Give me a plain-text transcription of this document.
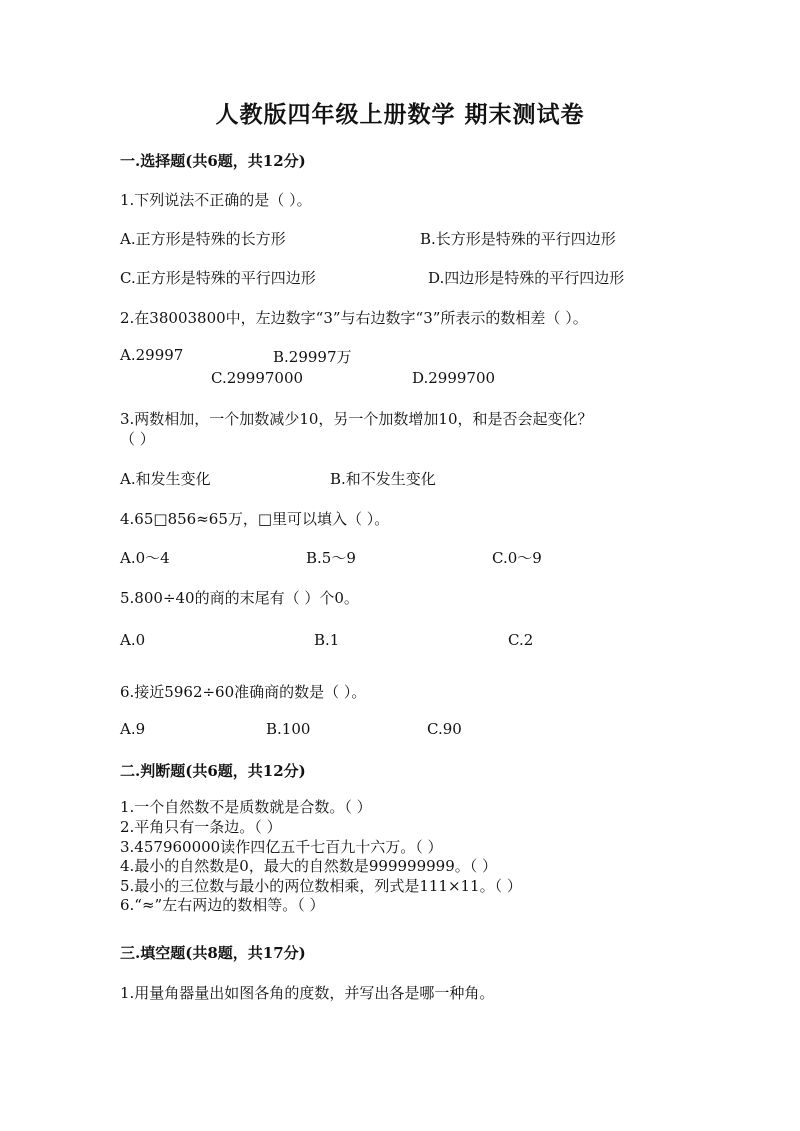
人教版四年级上册数学 期末测试卷
一.选择题(共6题，共12分)
1.下列说法不正确的是（ ）。
A.正方形是特殊的长方形	B.长方形是特殊的平行四边形
C.正方形是特殊的平行四边形	D.四边形是特殊的平行四边形
2.在38003800中，左边数字“3”与右边数字“3”所表示的数相差（ ）。
A.29997	B.29997万
C.29997000	D.2999700
3.两数相加，一个加数减少10，另一个加数增加10，和是否会起变化？
（ ）
A.和发生变化	B.和不发生变化
4.65□856≈65万，□里可以填入（ ）。
A.0～4	B.5～9	C.0～9
5.800÷40的商的末尾有（ ）个0。
A.0	B.1	C.2
6.接近5962÷60准确商的数是（ ）。
A.9	B.100	C.90
二.判断题(共6题，共12分)
1.一个自然数不是质数就是合数。（ ）
2.平角只有一条边。（ ）
3.457960000读作四亿五千七百九十六万。（ ）
4.最小的自然数是0，最大的自然数是999999999。（ ）
5.最小的三位数与最小的两位数相乘，列式是111×11。（ ）
6.“≈”左右两边的数相等。（ ）
三.填空题(共8题，共17分)
1.用量角器量出如图各角的度数，并写出各是哪一种角。
